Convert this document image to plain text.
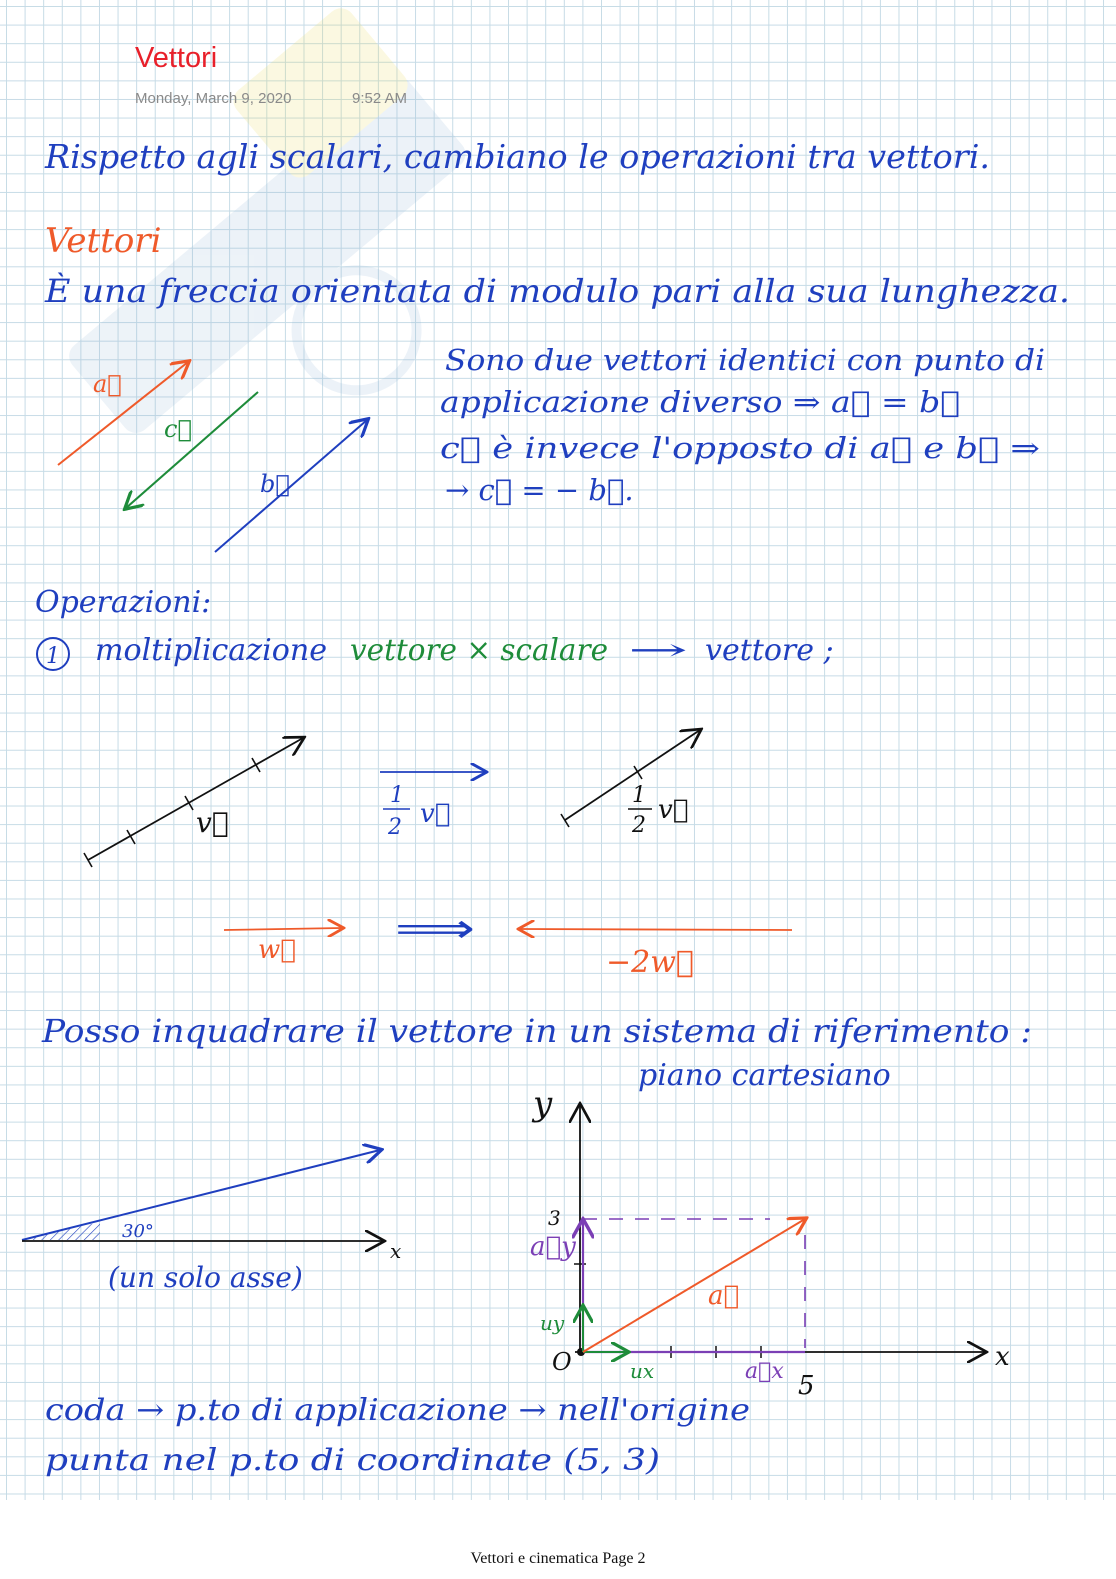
Vettori
Monday, March 9, 2020	9:52 AM
Rispetto agli scalari, cambiano le operazioni tra vettori.
Vettori
È una freccia orientata di modulo pari alla sua lunghezza.
a⃗
c⃗
b⃗
Sono due vettori identici con punto di
applicazione diverso ⇒ a⃗ = b⃗
c⃗ è invece l'opposto di a⃗ e b⃗ ⇒
→ c⃗ = − b⃗.
Operazioni:
1 moltiplicazione vettore × scalare → vettore ;
v⃗
1
2 v⃗
1
2
v⃗
w⃗ ⟹
−2w⃗
Posso inquadrare il vettore in un sistema di riferimento :
piano cartesiano
30°
x
(un solo asse)
y
x
O
3
5
a⃗
a⃗y
uy
ux	a⃗x
coda → p.to di applicazione → nell'origine
punta nel p.to di coordinate (5, 3)
Vettori e cinematica Page 2
